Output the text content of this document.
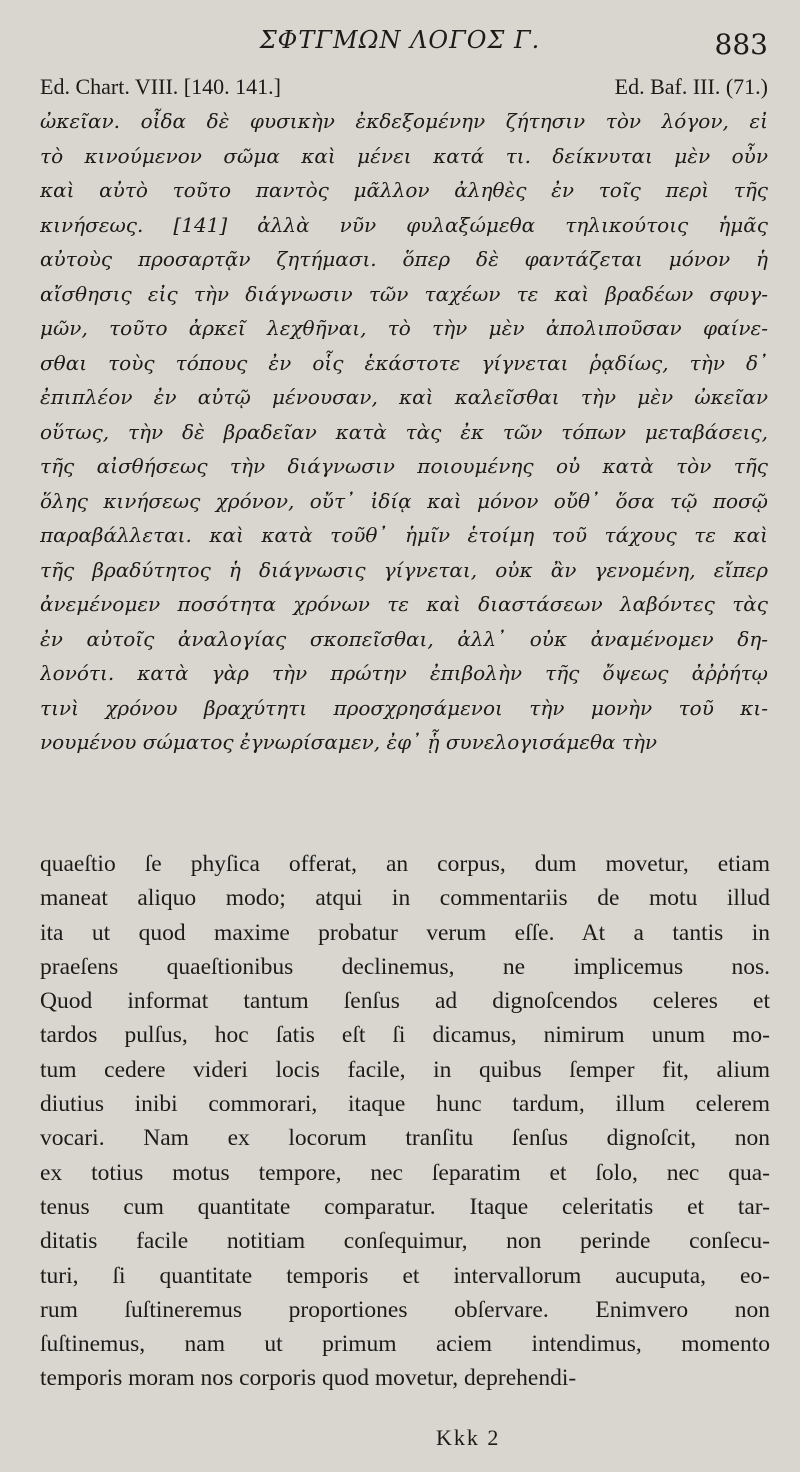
ΣΦΤΓΜΩΝ ΛΟΓΟΣ Γ.	883
Ed. Chart. VIII. [140. 141.]	Ed. Baf. III. (71.)
ὠκεῖαν. οἶδα δὲ φυσικὴν ἐκδεξομένην ζήτησιν τὸν λόγον, εἰ
τὸ κινούμενον σῶμα καὶ μένει κατά τι. δείκνυται μὲν οὖν
καὶ αὐτὸ τοῦτο παντὸς μᾶλλον ἀληθὲς ἐν τοῖς περὶ τῆς
κινήσεως. [141] ἀλλὰ νῦν φυλαξώμεθα τηλικούτοις ἡμᾶς
αὐτοὺς προσαρτᾷν ζητήμασι. ὅπερ δὲ φαντάζεται μόνον ἡ
αἴσθησις εἰς τὴν διάγνωσιν τῶν ταχέων τε καὶ βραδέων σφυγ-
μῶν, τοῦτο ἀρκεῖ λεχθῆναι, τὸ τὴν μὲν ἀπολιποῦσαν φαίνε-
σθαι τοὺς τόπους ἐν οἷς ἑκάστοτε γίγνεται ῥᾳδίως, τὴν δ᾽
ἐπιπλέον ἐν αὐτῷ μένουσαν, καὶ καλεῖσθαι τὴν μὲν ὠκεῖαν
οὕτως, τὴν δὲ βραδεῖαν κατὰ τὰς ἐκ τῶν τόπων μεταβάσεις,
τῆς αἰσθήσεως τὴν διάγνωσιν ποιουμένης οὐ κατὰ τὸν τῆς
ὅλης κινήσεως χρόνον, οὔτ᾽ ἰδίᾳ καὶ μόνον οὔθ᾽ ὅσα τῷ ποσῷ
παραβάλλεται. καὶ κατὰ τοῦθ᾽ ἡμῖν ἑτοίμη τοῦ τάχους τε καὶ
τῆς βραδύτητος ἡ διάγνωσις γίγνεται, οὐκ ἂν γενομένη, εἴπερ
ἀνεμένομεν ποσότητα χρόνων τε καὶ διαστάσεων λαβόντες τὰς
ἐν αὐτοῖς ἀναλογίας σκοπεῖσθαι, ἀλλ᾽ οὐκ ἀναμένομεν δη-
λονότι. κατὰ γὰρ τὴν πρώτην ἐπιβολὴν τῆς ὄψεως ἀῤῥήτῳ
τινὶ χρόνου βραχύτητι προσχρησάμενοι τὴν μονὴν τοῦ κι-
νουμένου σώματος ἐγνωρίσαμεν, ἐφ᾽ ᾗ συνελογισάμεθα τὴν
quaeſtio ſe phyſica offerat, an corpus, dum movetur, etiam
maneat aliquo modo; atqui in commentariis de motu illud
ita ut quod maxime probatur verum eſſe. At a tantis in
praeſens quaeſtionibus declinemus, ne implicemus nos.
Quod informat tantum ſenſus ad dignoſcendos celeres et
tardos pulſus, hoc ſatis eſt ſi dicamus, nimirum unum mo-
tum cedere videri locis facile, in quibus ſemper fit, alium
diutius inibi commorari, itaque hunc tardum, illum celerem
vocari. Nam ex locorum tranſitu ſenſus dignoſcit, non
ex totius motus tempore, nec ſeparatim et ſolo, nec qua-
tenus cum quantitate comparatur. Itaque celeritatis et tar-
ditatis facile notitiam conſequimur, non perinde conſecu-
turi, ſi quantitate temporis et intervallorum aucuputa, eo-
rum ſuſtineremus proportiones obſervare. Enimvero non
ſuſtinemus, nam ut primum aciem intendimus, momento
temporis moram nos corporis quod movetur, deprehendi-
Kkk 2
